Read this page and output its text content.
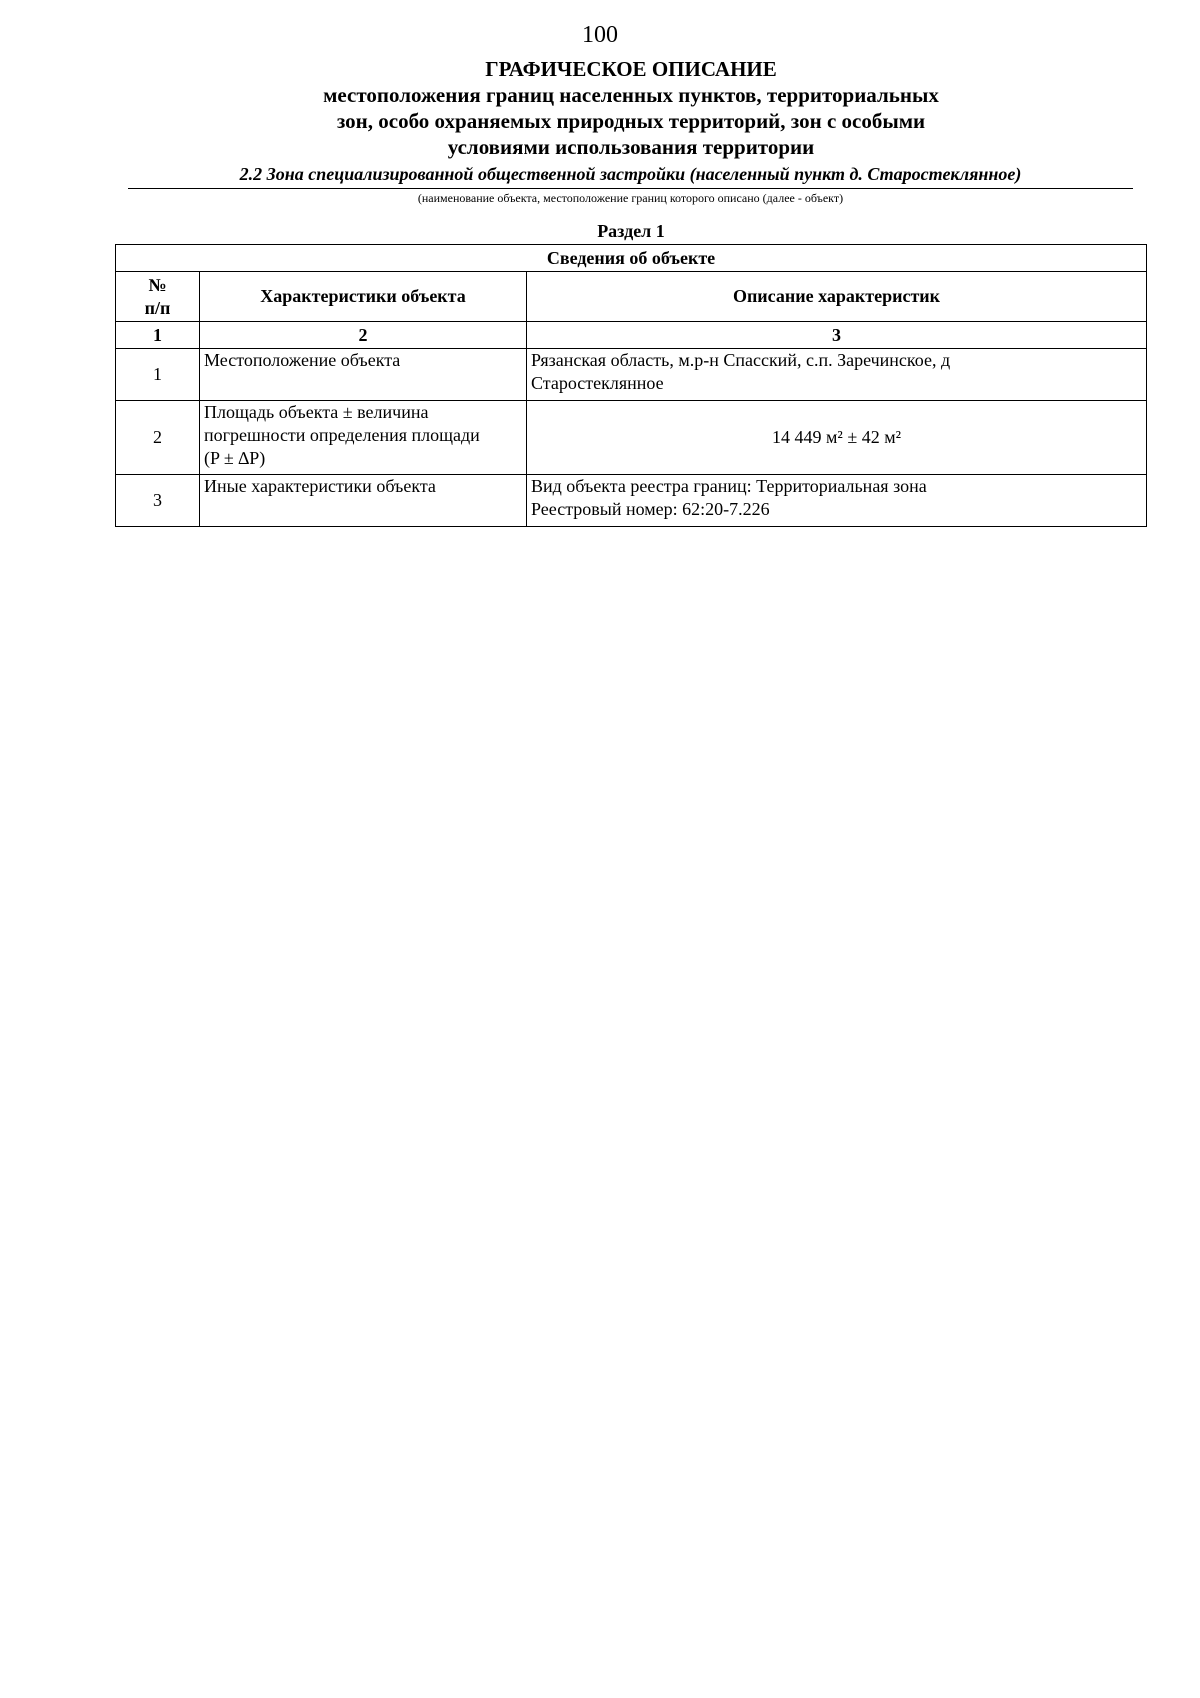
100
ГРАФИЧЕСКОЕ ОПИСАНИЕ
местоположения границ населенных пунктов, территориальных
зон, особо охраняемых природных территорий, зон с особыми
условиями использования территории
2.2 Зона специализированной общественной застройки (населенный пункт д. Старостеклянное)
(наименование объекта, местоположение границ которого описано (далее - объект)
Раздел 1
Сведения об объекте		

№
п/п	Характеристики объекта	Описание характеристик
1	2	3
1	Местоположение объекта	Рязанская область, м.р-н Спасский, с.п. Заречинское, д
Старостеклянное

2	Площадь объекта ± величина
погрешности определения площади
(P ± ∆P)	14 449 м² ± 42 м²
3	Иные характеристики объекта	Вид объекта реестра границ: Территориальная зона
Реестровый номер: 62:20-7.226
